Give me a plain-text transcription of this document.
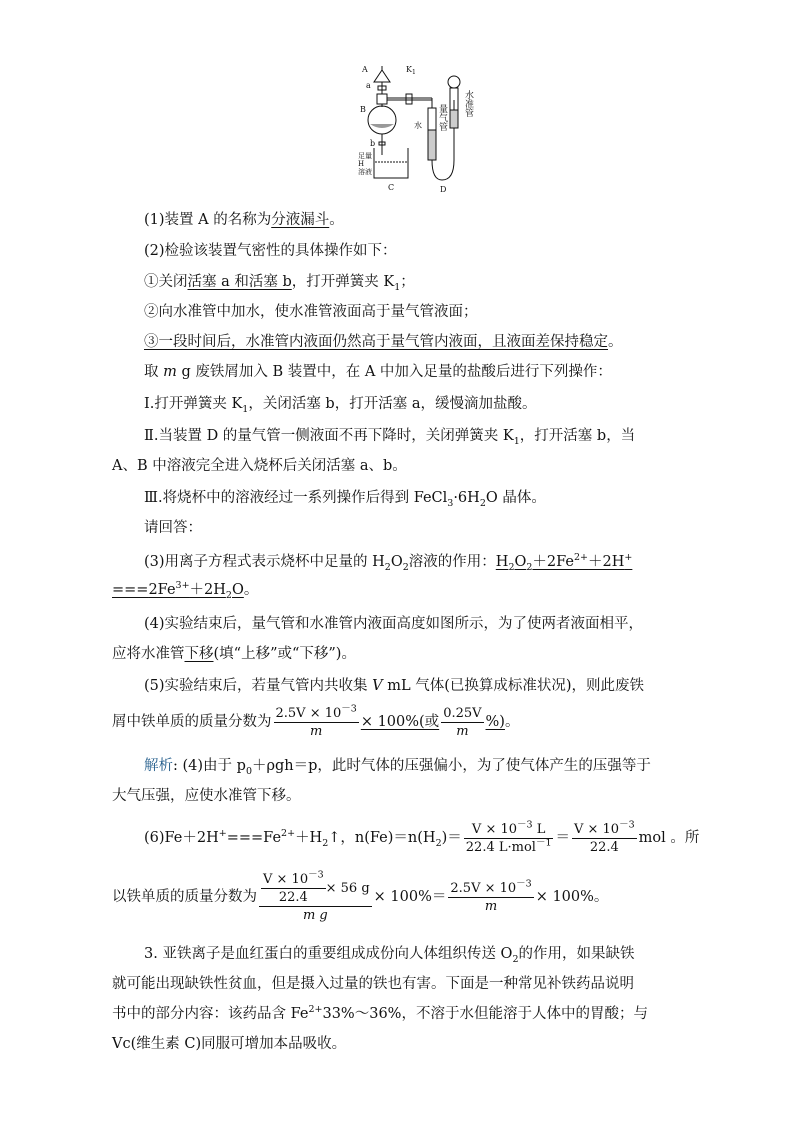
A
a
$K_1$
B
b
C	D
水
足量
H
溶液
量气管
水准管
(1)装置 A 的名称为分液漏斗。
(2)检验该装置气密性的具体操作如下：
①关闭活塞 a 和活塞 b，打开弹簧夹 $K_1$；
②向水准管中加水，使水准管液面高于量气管液面；
③一段时间后，水准管内液面仍然高于量气管内液面，且液面差保持稳定。
取 m g 废铁屑加入 B 装置中，在 A 中加入足量的盐酸后进行下列操作：
Ⅰ.打开弹簧夹 $K_1$，关闭活塞 b，打开活塞 a，缓慢滴加盐酸。
Ⅱ.当装置 D 的量气管一侧液面不再下降时，关闭弹簧夹 $K_1$，打开活塞 b，当
A、B 中溶液完全进入烧杯后关闭活塞 a、b。
Ⅲ.将烧杯中的溶液经过一系列操作后得到 $FeCl_3\cdot 6H_2O$ 晶体。
请回答：
(3)用离子方程式表示烧杯中足量的 $H_2O_2$溶液的作用：$H_2O_2+2Fe^{2+}+2H^+$
$===2Fe^{3+}+2H_2O$。
(4)实验结束后，量气管和水准管内液面高度如图所示，为了使两者液面相平，
应将水准管下移(填“上移”或“下移”)。
(5)实验结束后，若量气管内共收集 V mL 气体(已换算成标准状况)，则此废铁
屑中铁单质的质量分数为 $\frac{2.5V \times 10^{-3}}{m} \times 100\%$(或 $\frac{0.25V}{m}$ %)。
解析: (4)由于 $p_0+\rho gh=p$，此时气体的压强偏小，为了使气体产生的压强等于
大气压强，应使水准管下移。
$(6)Fe+2H^+===Fe^{2+}+H_2↑$，$n(Fe)=n(H_2)= \frac{V \times 10^{-3} L}{22.4 L\cdot mol^{-1}} = \frac{V \times 10^{-3}}{22.4}$ mol 。所
以铁单质的质量分数为 $\frac{\frac{V \times 10^{-3}}{22.4} \times 56 g}{\text{m g}} \times 100\%= \frac{2.5V \times 10^{-3}}{m} \times 100\%$。
3. 亚铁离子是血红蛋白的重要组成成份向人体组织传送 $O_2$的作用，如果缺铁
就可能出现缺铁性贫血，但是摄入过量的铁也有害。下面是一种常见补铁药品说明
书中的部分内容：该药品含 $Fe^{2+}33\%\sim 36\%$，不溶于水但能溶于人体中的胃酸；与
Vc(维生素 C)同服可增加本品吸收。
